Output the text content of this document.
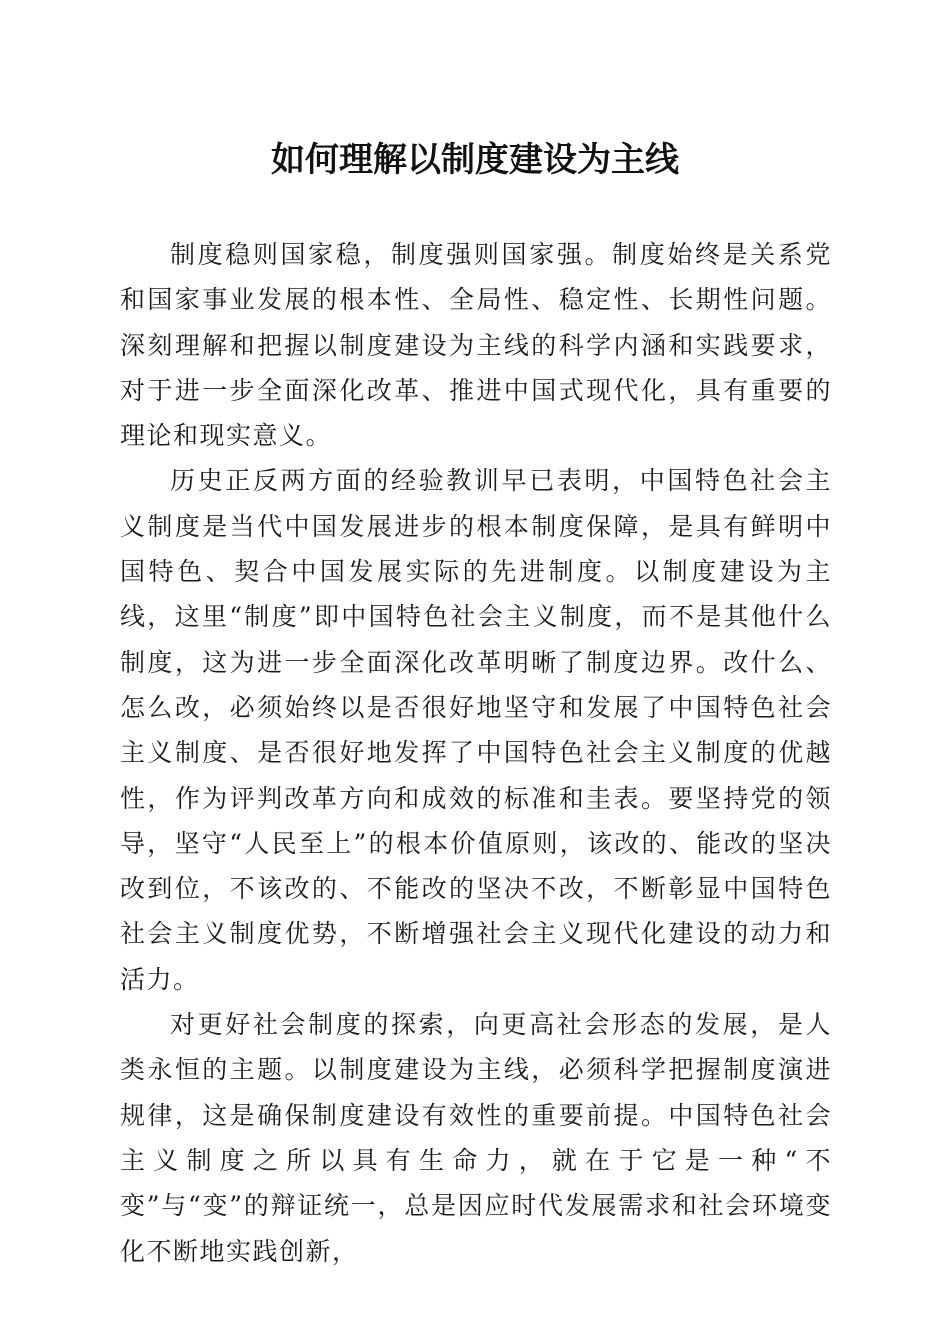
如何理解以制度建设为主线

制度稳则国家稳，制度强则国家强。制度始终是关系党和国家事业发展的根本性、全局性、稳定性、长期性问题。深刻理解和把握以制度建设为主线的科学内涵和实践要求，对于进一步全面深化改革、推进中国式现代化，具有重要的理论和现实意义。

历史正反两方面的经验教训早已表明，中国特色社会主义制度是当代中国发展进步的根本制度保障，是具有鲜明中国特色、契合中国发展实际的先进制度。以制度建设为主线，这里“制度”即中国特色社会主义制度，而不是其他什么制度，这为进一步全面深化改革明晰了制度边界。改什么、怎么改，必须始终以是否很好地坚守和发展了中国特色社会主义制度、是否很好地发挥了中国特色社会主义制度的优越性，作为评判改革方向和成效的标准和圭表。要坚持党的领导，坚守“人民至上”的根本价值原则，该改的、能改的坚决改到位，不该改的、不能改的坚决不改，不断彰显中国特色社会主义制度优势，不断增强社会主义现代化建设的动力和活力。

对更好社会制度的探索，向更高社会形态的发展，是人类永恒的主题。以制度建设为主线，必须科学把握制度演进规律，这是确保制度建设有效性的重要前提。中国特色社会主义制度之所以具有生命力，就在于它是一种“不变”与“变”的辩证统一，总是因应时代发展需求和社会环境变化不断地实践创新，
